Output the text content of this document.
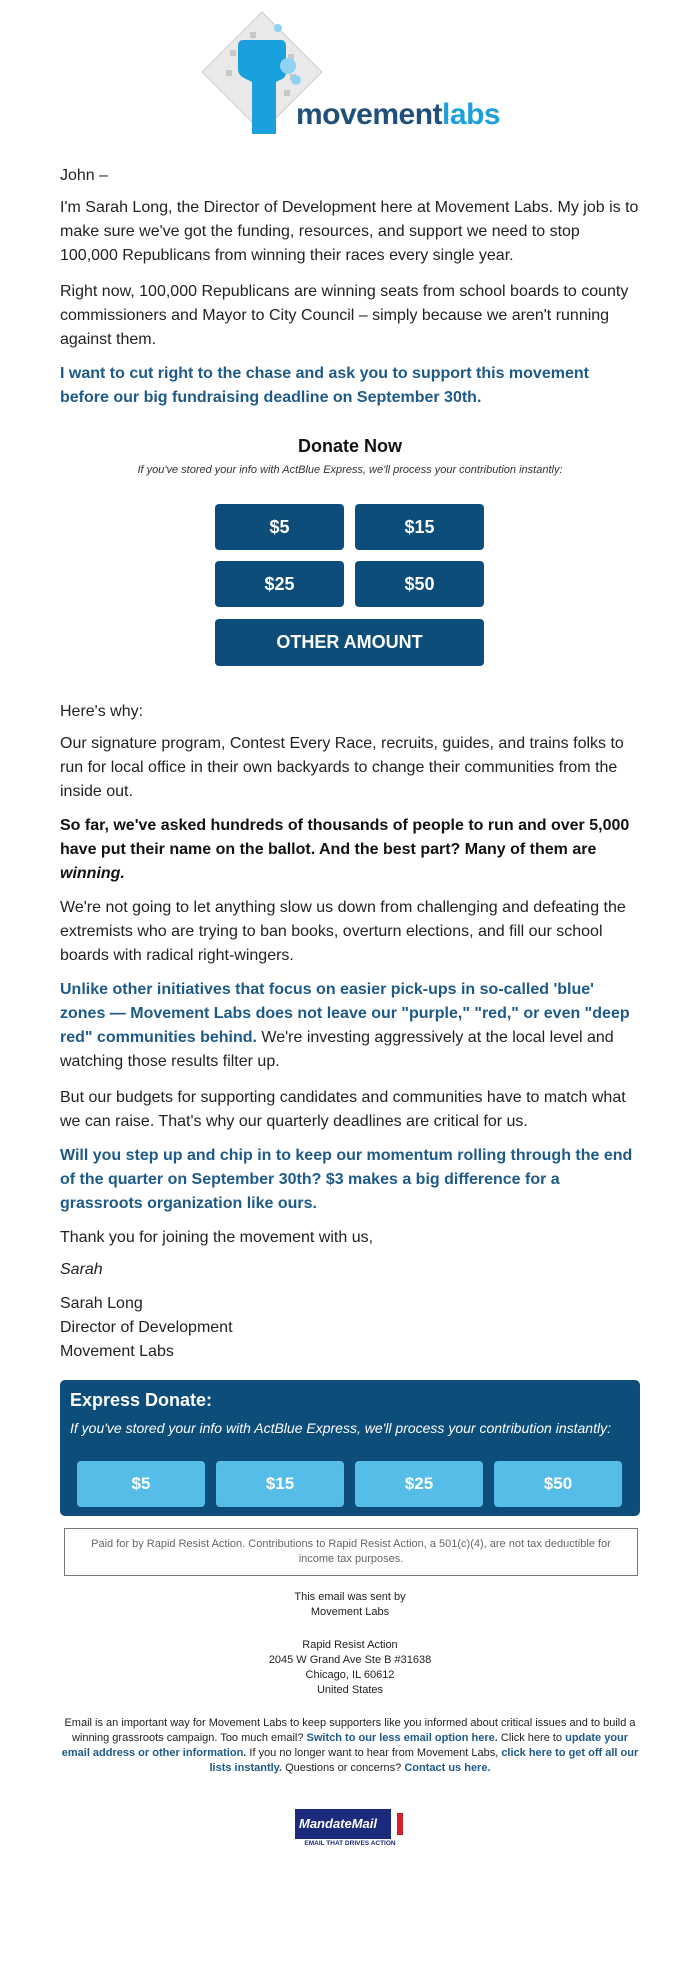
movementlabs

John –

I'm Sarah Long, the Director of Development here at Movement Labs. My job is to make sure we've got the funding, resources, and support we need to stop 100,000 Republicans from winning their races every single year.

Right now, 100,000 Republicans are winning seats from school boards to county commissioners and Mayor to City Council – simply because we aren't running against them.

I want to cut right to the chase and ask you to support this movement before our big fundraising deadline on September 30th.

Donate Now
If you've stored your info with ActBlue Express, we'll process your contribution instantly:
$5	$15
$25	$50
OTHER AMOUNT

Here's why:

Our signature program, Contest Every Race, recruits, guides, and trains folks to run for local office in their own backyards to change their communities from the inside out.

So far, we've asked hundreds of thousands of people to run and over 5,000 have put their name on the ballot. And the best part? Many of them are winning.

We're not going to let anything slow us down from challenging and defeating the extremists who are trying to ban books, overturn elections, and fill our school boards with radical right-wingers.

Unlike other initiatives that focus on easier pick-ups in so-called 'blue' zones — Movement Labs does not leave our "purple," "red," or even "deep red" communities behind. We're investing aggressively at the local level and watching those results filter up.

But our budgets for supporting candidates and communities have to match what we can raise. That's why our quarterly deadlines are critical for us.

Will you step up and chip in to keep our momentum rolling through the end of the quarter on September 30th? $3 makes a big difference for a grassroots organization like ours.

Thank you for joining the movement with us,

Sarah

Sarah Long

Director of Development

Movement Labs

Express Donate:
If you've stored your info with ActBlue Express, we'll process your contribution instantly:
$5	$15	$25	$50
Paid for by Rapid Resist Action. Contributions to Rapid Resist Action, a 501(c)(4), are not tax deductible for income tax purposes.
This email was sent by
Movement Labs
Rapid Resist Action
2045 W Grand Ave Ste B #31638
Chicago, IL 60612
United States
Email is an important way for Movement Labs to keep supporters like you informed about critical issues and to build a winning grassroots campaign. Too much email? Switch to our less email option here. Click here to update your email address or other information. If you no longer want to hear from Movement Labs, click here to get off all our lists instantly. Questions or concerns? Contact us here.
MandateMail
EMAIL THAT DRIVES ACTION
